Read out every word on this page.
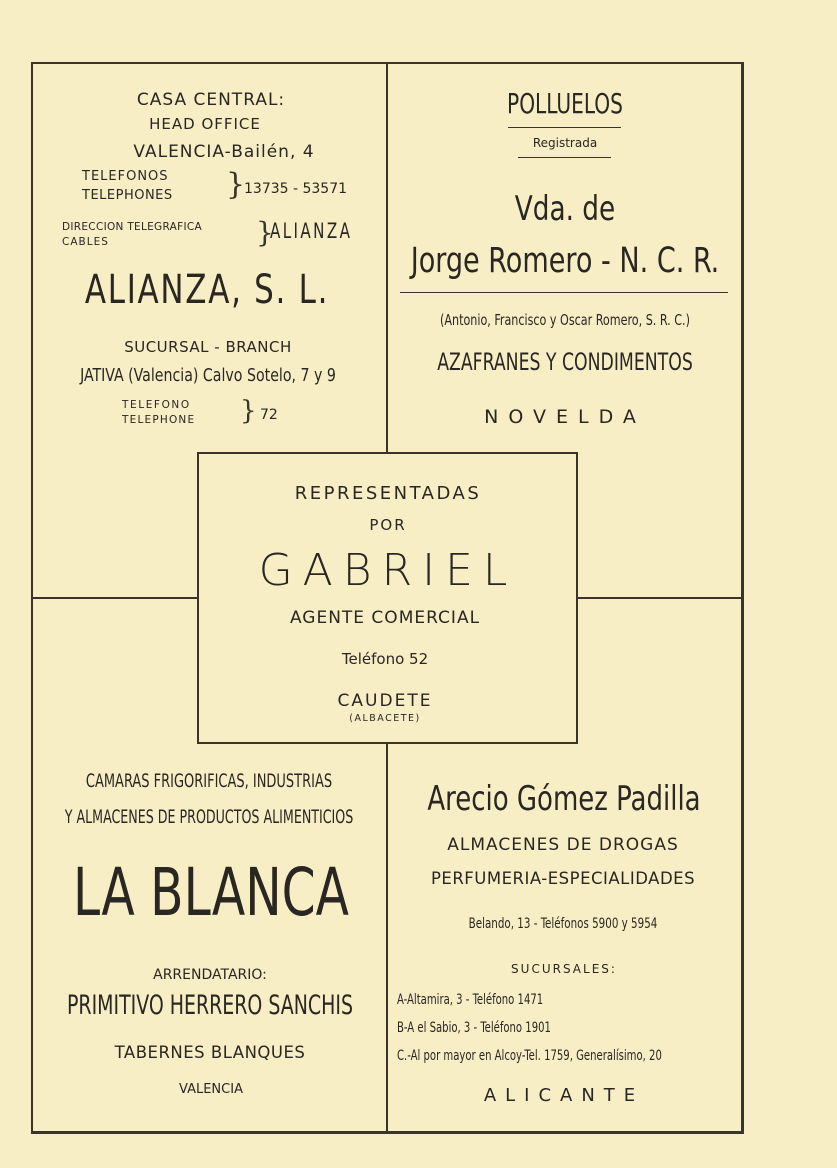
CASA CENTRAL:
HEAD OFFICE
VALENCIA-Bailén, 4
TELEFONOS
TELEPHONES }
13735 - 53571
DIRECCION TELEGRAFICA
CABLES	}
ALIANZA
ALIANZA, S. L.
SUCURSAL - BRANCH
JATIVA (Valencia) Calvo Sotelo, 7 y 9
TELEFONO
TELEPHONE } 72
POLLUELOS
Registrada
Vda. de
Jorge Romero - N. C. R.
(Antonio, Francisco y Oscar Romero, S. R. C.)
AZAFRANES Y CONDIMENTOS
NOVELDA
REPRESENTADAS
POR
GABRIEL
AGENTE COMERCIAL
Teléfono 52
CAUDETE
(ALBACETE)
CAMARAS FRIGORIFICAS, INDUSTRIAS
Y ALMACENES DE PRODUCTOS ALIMENTICIOS
LA BLANCA
ARRENDATARIO:
PRIMITIVO HERRERO SANCHIS
TABERNES BLANQUES
VALENCIA
Arecio Gómez Padilla
ALMACENES DE DROGAS
PERFUMERIA-ESPECIALIDADES
Belando, 13 - Teléfonos 5900 y 5954
SUCURSALES:
A-Altamira, 3 - Teléfono 1471
B-A el Sabio, 3 - Teléfono 1901
C.-Al por mayor en Alcoy-Tel. 1759, Generalísimo, 20
ALICANTE
